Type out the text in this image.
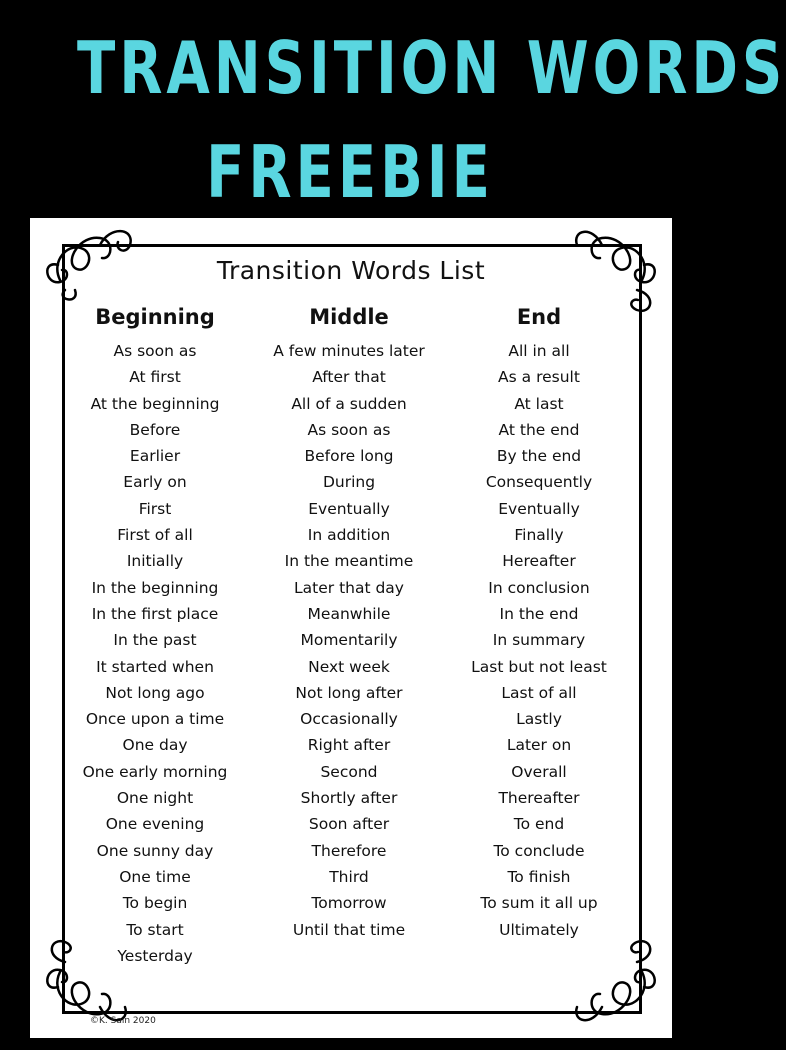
TRANSITION WORDS
FREEBIE
Transition Words List
Beginning
As soon as
At first
At the beginning
Before
Earlier
Early on
First
First of all
Initially
In the beginning
In the first place
In the past
It started when
Not long ago
Once upon a time
One day
One early morning
One night
One evening
One sunny day
One time
To begin
To start
Yesterday
Middle
A few minutes later
After that
All of a sudden
As soon as
Before long
During
Eventually
In addition
In the meantime
Later that day
Meanwhile
Momentarily
Next week
Not long after
Occasionally
Right after
Second
Shortly after
Soon after
Therefore
Third
Tomorrow
Until that time
End
All in all
As a result
At last
At the end
By the end
Consequently
Eventually
Finally
Hereafter
In conclusion
In the end
In summary
Last but not least
Last of all
Lastly
Later on
Overall
Thereafter
To end
To conclude
To finish
To sum it all up
Ultimately
©K. Sain 2020
